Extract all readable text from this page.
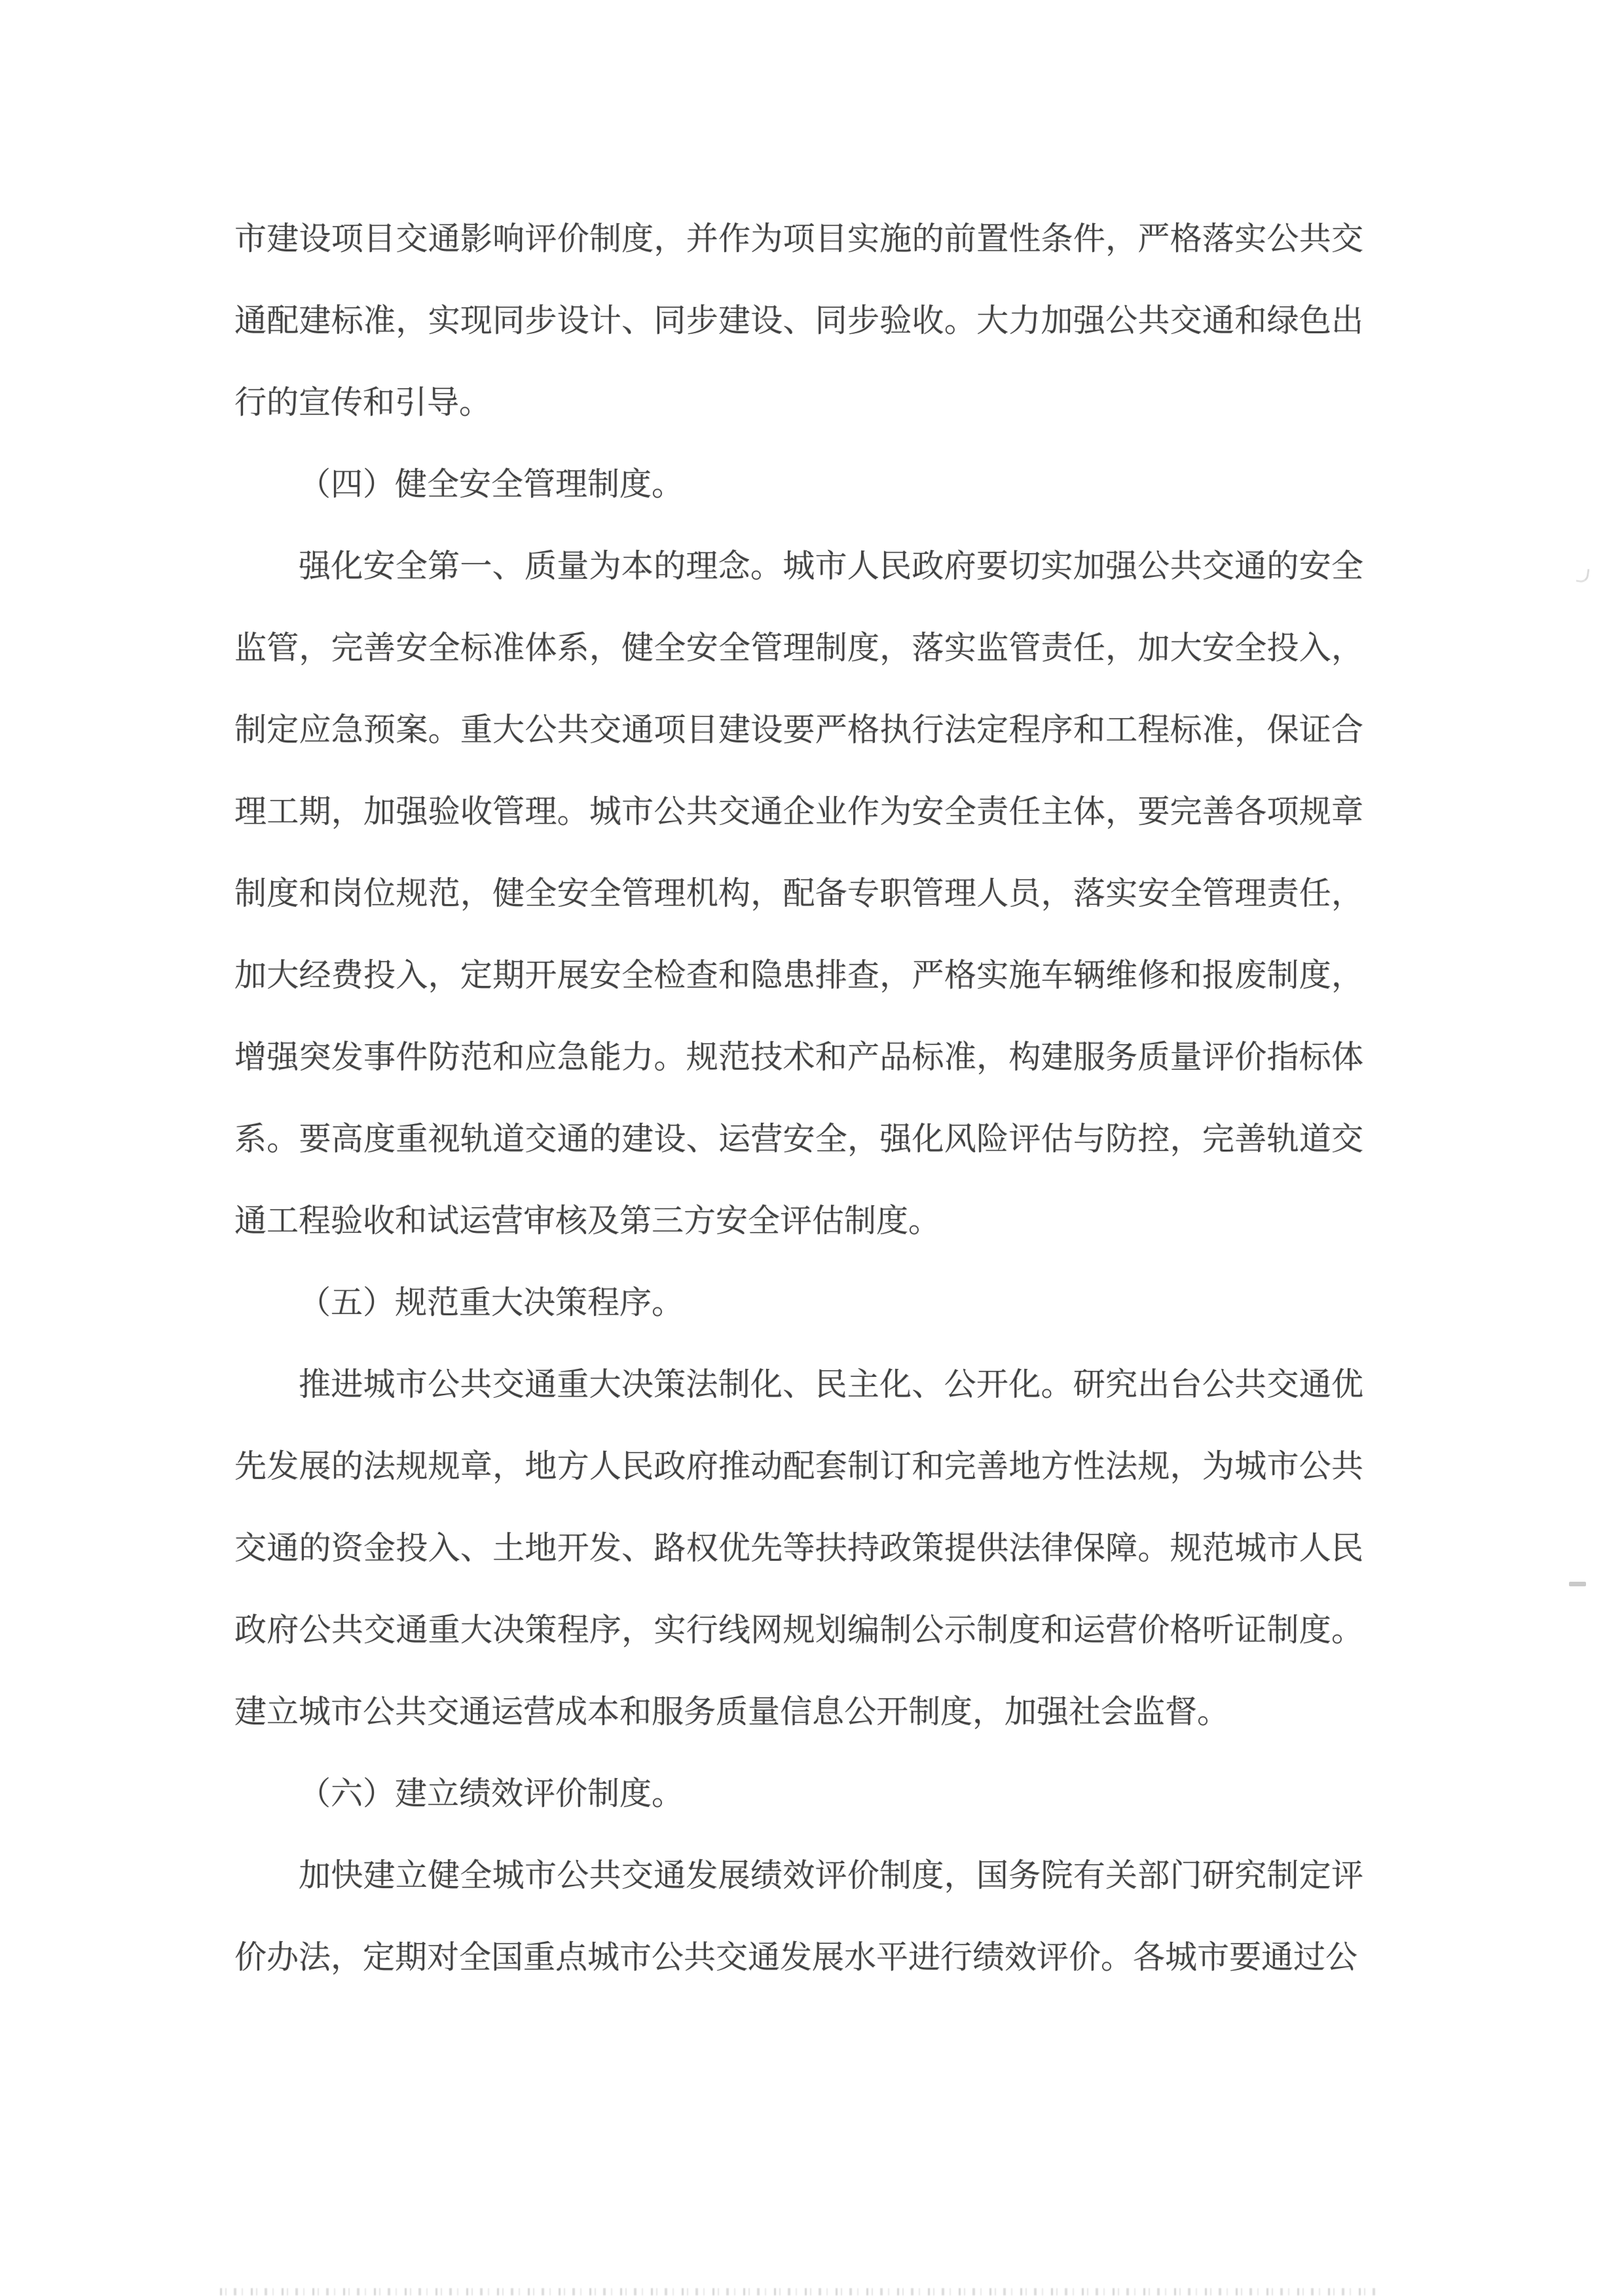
市建设项目交通影响评价制度，并作为项目实施的前置性条件，严格落实公共交
通配建标准，实现同步设计、同步建设、同步验收。大力加强公共交通和绿色出
行的宣传和引导。
（四）健全安全管理制度。
强化安全第一、质量为本的理念。城市人民政府要切实加强公共交通的安全
监管，完善安全标准体系，健全安全管理制度，落实监管责任，加大安全投入，
制定应急预案。重大公共交通项目建设要严格执行法定程序和工程标准，保证合
理工期，加强验收管理。城市公共交通企业作为安全责任主体，要完善各项规章
制度和岗位规范，健全安全管理机构，配备专职管理人员，落实安全管理责任，
加大经费投入，定期开展安全检查和隐患排查，严格实施车辆维修和报废制度，
增强突发事件防范和应急能力。规范技术和产品标准，构建服务质量评价指标体
系。要高度重视轨道交通的建设、运营安全，强化风险评估与防控，完善轨道交
通工程验收和试运营审核及第三方安全评估制度。
（五）规范重大决策程序。
推进城市公共交通重大决策法制化、民主化、公开化。研究出台公共交通优
先发展的法规规章，地方人民政府推动配套制订和完善地方性法规，为城市公共
交通的资金投入、土地开发、路权优先等扶持政策提供法律保障。规范城市人民
政府公共交通重大决策程序，实行线网规划编制公示制度和运营价格听证制度。
建立城市公共交通运营成本和服务质量信息公开制度，加强社会监督。
（六）建立绩效评价制度。
加快建立健全城市公共交通发展绩效评价制度，国务院有关部门研究制定评
价办法，定期对全国重点城市公共交通发展水平进行绩效评价。各城市要通过公
